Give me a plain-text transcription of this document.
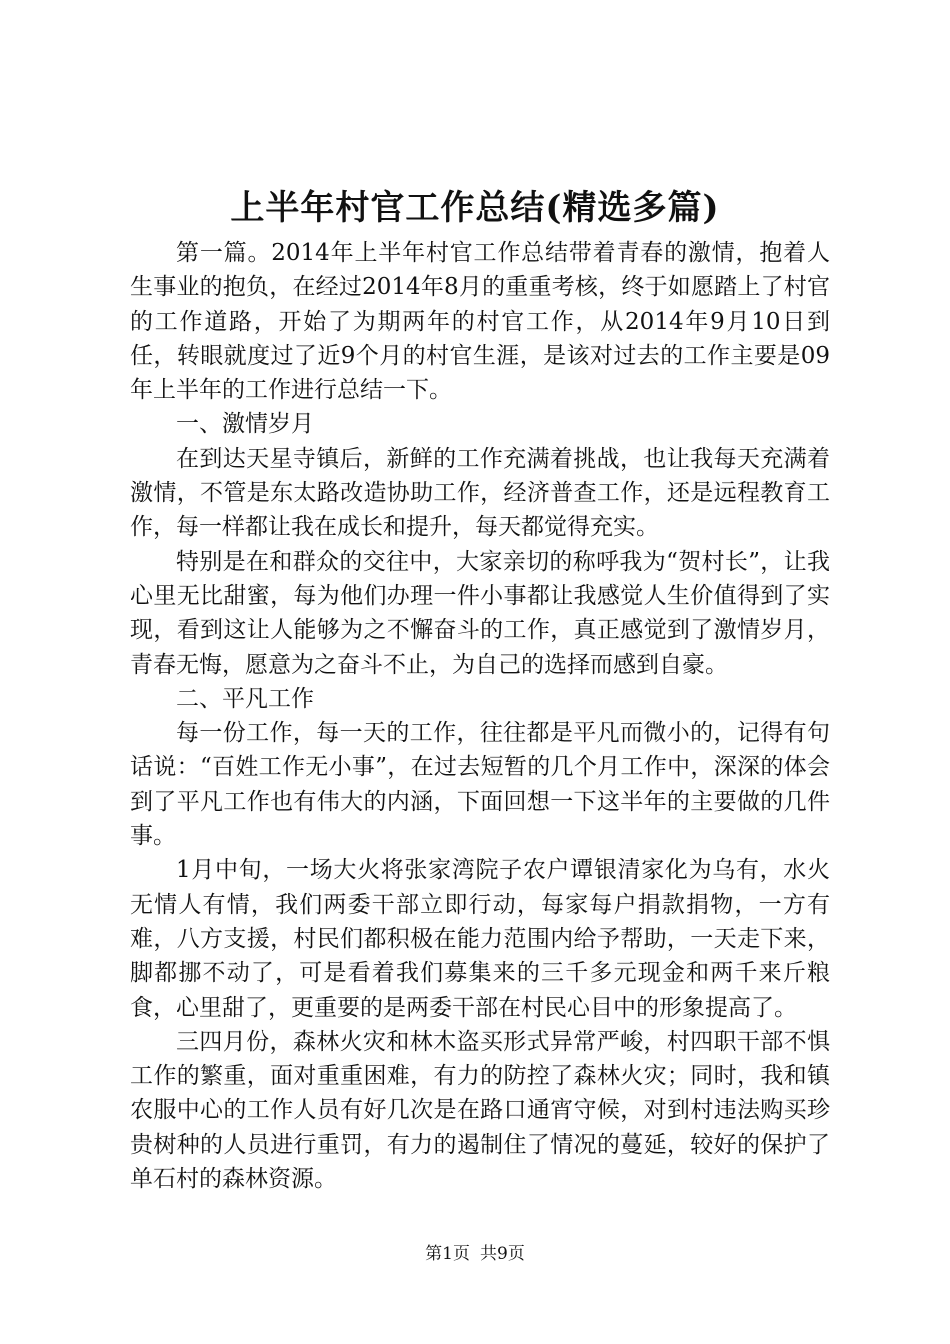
上半年村官工作总结(精选多篇)

第一篇。2014年上半年村官工作总结带着青春的激情，抱着人生事业的抱负，在经过2014年8月的重重考核，终于如愿踏上了村官的工作道路，开始了为期两年的村官工作，从2014年9月10日到任，转眼就度过了近9个月的村官生涯，是该对过去的工作主要是09年上半年的工作进行总结一下。

一、激情岁月

在到达天星寺镇后，新鲜的工作充满着挑战，也让我每天充满着激情，不管是东太路改造协助工作，经济普查工作，还是远程教育工作，每一样都让我在成长和提升，每天都觉得充实。

特别是在和群众的交往中，大家亲切的称呼我为“贺村长”，让我心里无比甜蜜，每为他们办理一件小事都让我感觉人生价值得到了实现，看到这让人能够为之不懈奋斗的工作，真正感觉到了激情岁月，青春无悔，愿意为之奋斗不止，为自己的选择而感到自豪。

二、平凡工作

每一份工作，每一天的工作，往往都是平凡而微小的，记得有句话说：“百姓工作无小事”，在过去短暂的几个月工作中，深深的体会到了平凡工作也有伟大的内涵，下面回想一下这半年的主要做的几件事。

1月中旬，一场大火将张家湾院子农户谭银清家化为乌有，水火无情人有情，我们两委干部立即行动，每家每户捐款捐物，一方有难，八方支援，村民们都积极在能力范围内给予帮助，一天走下来，脚都挪不动了，可是看着我们募集来的三千多元现金和两千来斤粮食，心里甜了，更重要的是两委干部在村民心目中的形象提高了。

三四月份，森林火灾和林木盗买形式异常严峻，村四职干部不惧工作的繁重，面对重重困难，有力的防控了森林火灾；同时，我和镇农服中心的工作人员有好几次是在路口通宵守候，对到村违法购买珍贵树种的人员进行重罚，有力的遏制住了情况的蔓延，较好的保护了单石村的森林资源。

第1页 共9页
